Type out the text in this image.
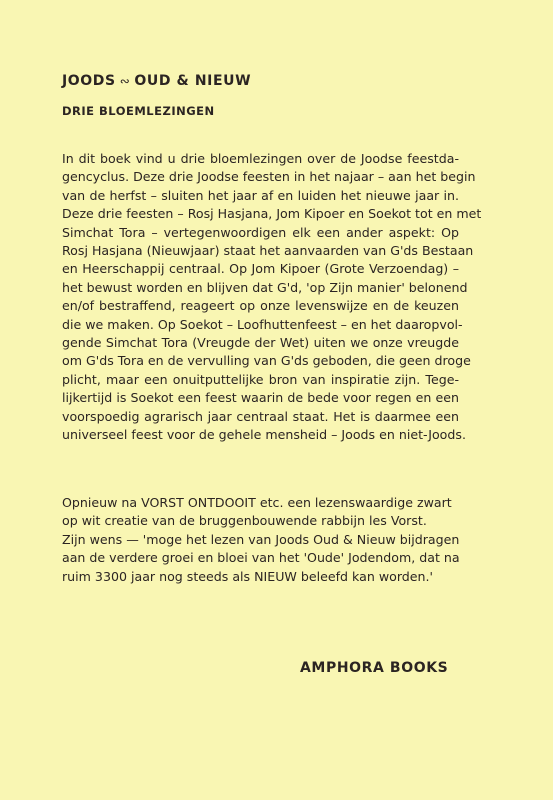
JOODS ∾ OUD & NIEUW
DRIE BLOEMLEZINGEN
In dit boek vind u drie bloemlezingen over de Joodse feestda-
gencyclus. Deze drie Joodse feesten in het najaar – aan het begin
van de herfst – sluiten het jaar af en luiden het nieuwe jaar in.
Deze drie feesten – Rosj Hasjana, Jom Kipoer en Soekot tot en met
Simchat Tora – vertegenwoordigen elk een ander aspekt: Op
Rosj Hasjana (Nieuwjaar) staat het aanvaarden van G'ds Bestaan
en Heerschappij centraal. Op Jom Kipoer (Grote Verzoendag) –
het bewust worden en blijven dat G'd, 'op Zijn manier' belonend
en/of bestraffend, reageert op onze levenswijze en de keuzen
die we maken. Op Soekot – Loofhuttenfeest – en het daaropvol-
gende Simchat Tora (Vreugde der Wet) uiten we onze vreugde
om G'ds Tora en de vervulling van G'ds geboden, die geen droge
plicht, maar een onuitputtelijke bron van inspiratie zijn. Tege-
lijkertijd is Soekot een feest waarin de bede voor regen en een
voorspoedig agrarisch jaar centraal staat. Het is daarmee een
universeel feest voor de gehele mensheid – Joods en niet-Joods.
Opnieuw na VORST ONTDOOIT etc. een lezenswaardige zwart
op wit creatie van de bruggenbouwende rabbijn les Vorst.
Zijn wens — 'moge het lezen van Joods Oud & Nieuw bijdragen
aan de verdere groei en bloei van het 'Oude' Jodendom, dat na
ruim 3300 jaar nog steeds als NIEUW beleefd kan worden.'
AMPHORA BOOKS
